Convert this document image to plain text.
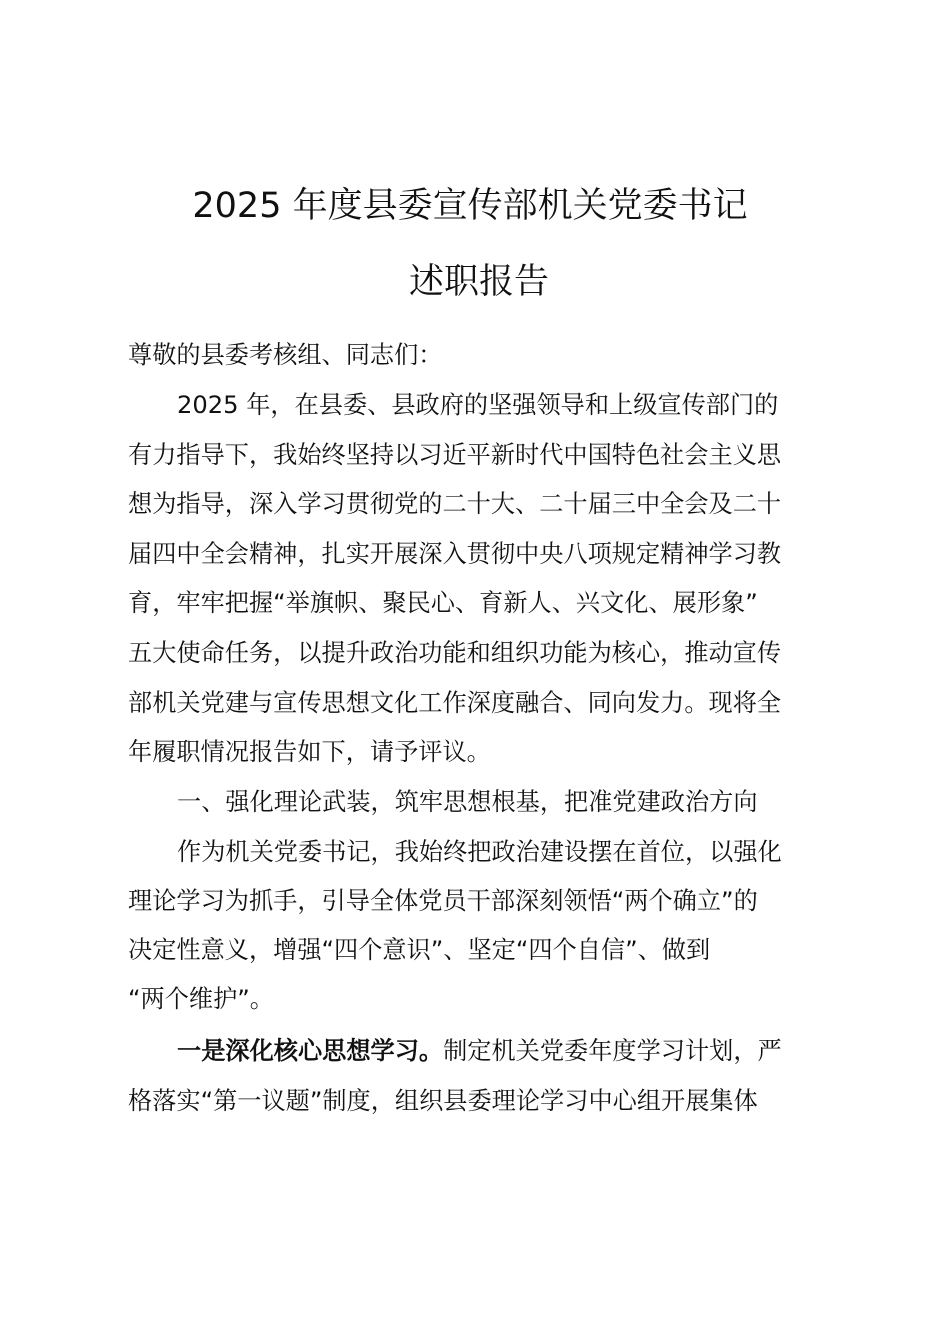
2025 年度县委宣传部机关党委书记
述职报告
尊敬的县委考核组、同志们：
2025 年，在县委、县政府的坚强领导和上级宣传部门的
有力指导下，我始终坚持以习近平新时代中国特色社会主义思
想为指导，深入学习贯彻党的二十大、二十届三中全会及二十
届四中全会精神，扎实开展深入贯彻中央八项规定精神学习教
育，牢牢把握“举旗帜、聚民心、育新人、兴文化、展形象”
五大使命任务，以提升政治功能和组织功能为核心，推动宣传
部机关党建与宣传思想文化工作深度融合、同向发力。现将全
年履职情况报告如下，请予评议。
一、强化理论武装，筑牢思想根基，把准党建政治方向
作为机关党委书记，我始终把政治建设摆在首位，以强化
理论学习为抓手，引导全体党员干部深刻领悟“两个确立”的
决定性意义，增强“四个意识”、坚定“四个自信”、做到
“两个维护”。
一是深化核心思想学习。制定机关党委年度学习计划，严
格落实“第一议题”制度，组织县委理论学习中心组开展集体
